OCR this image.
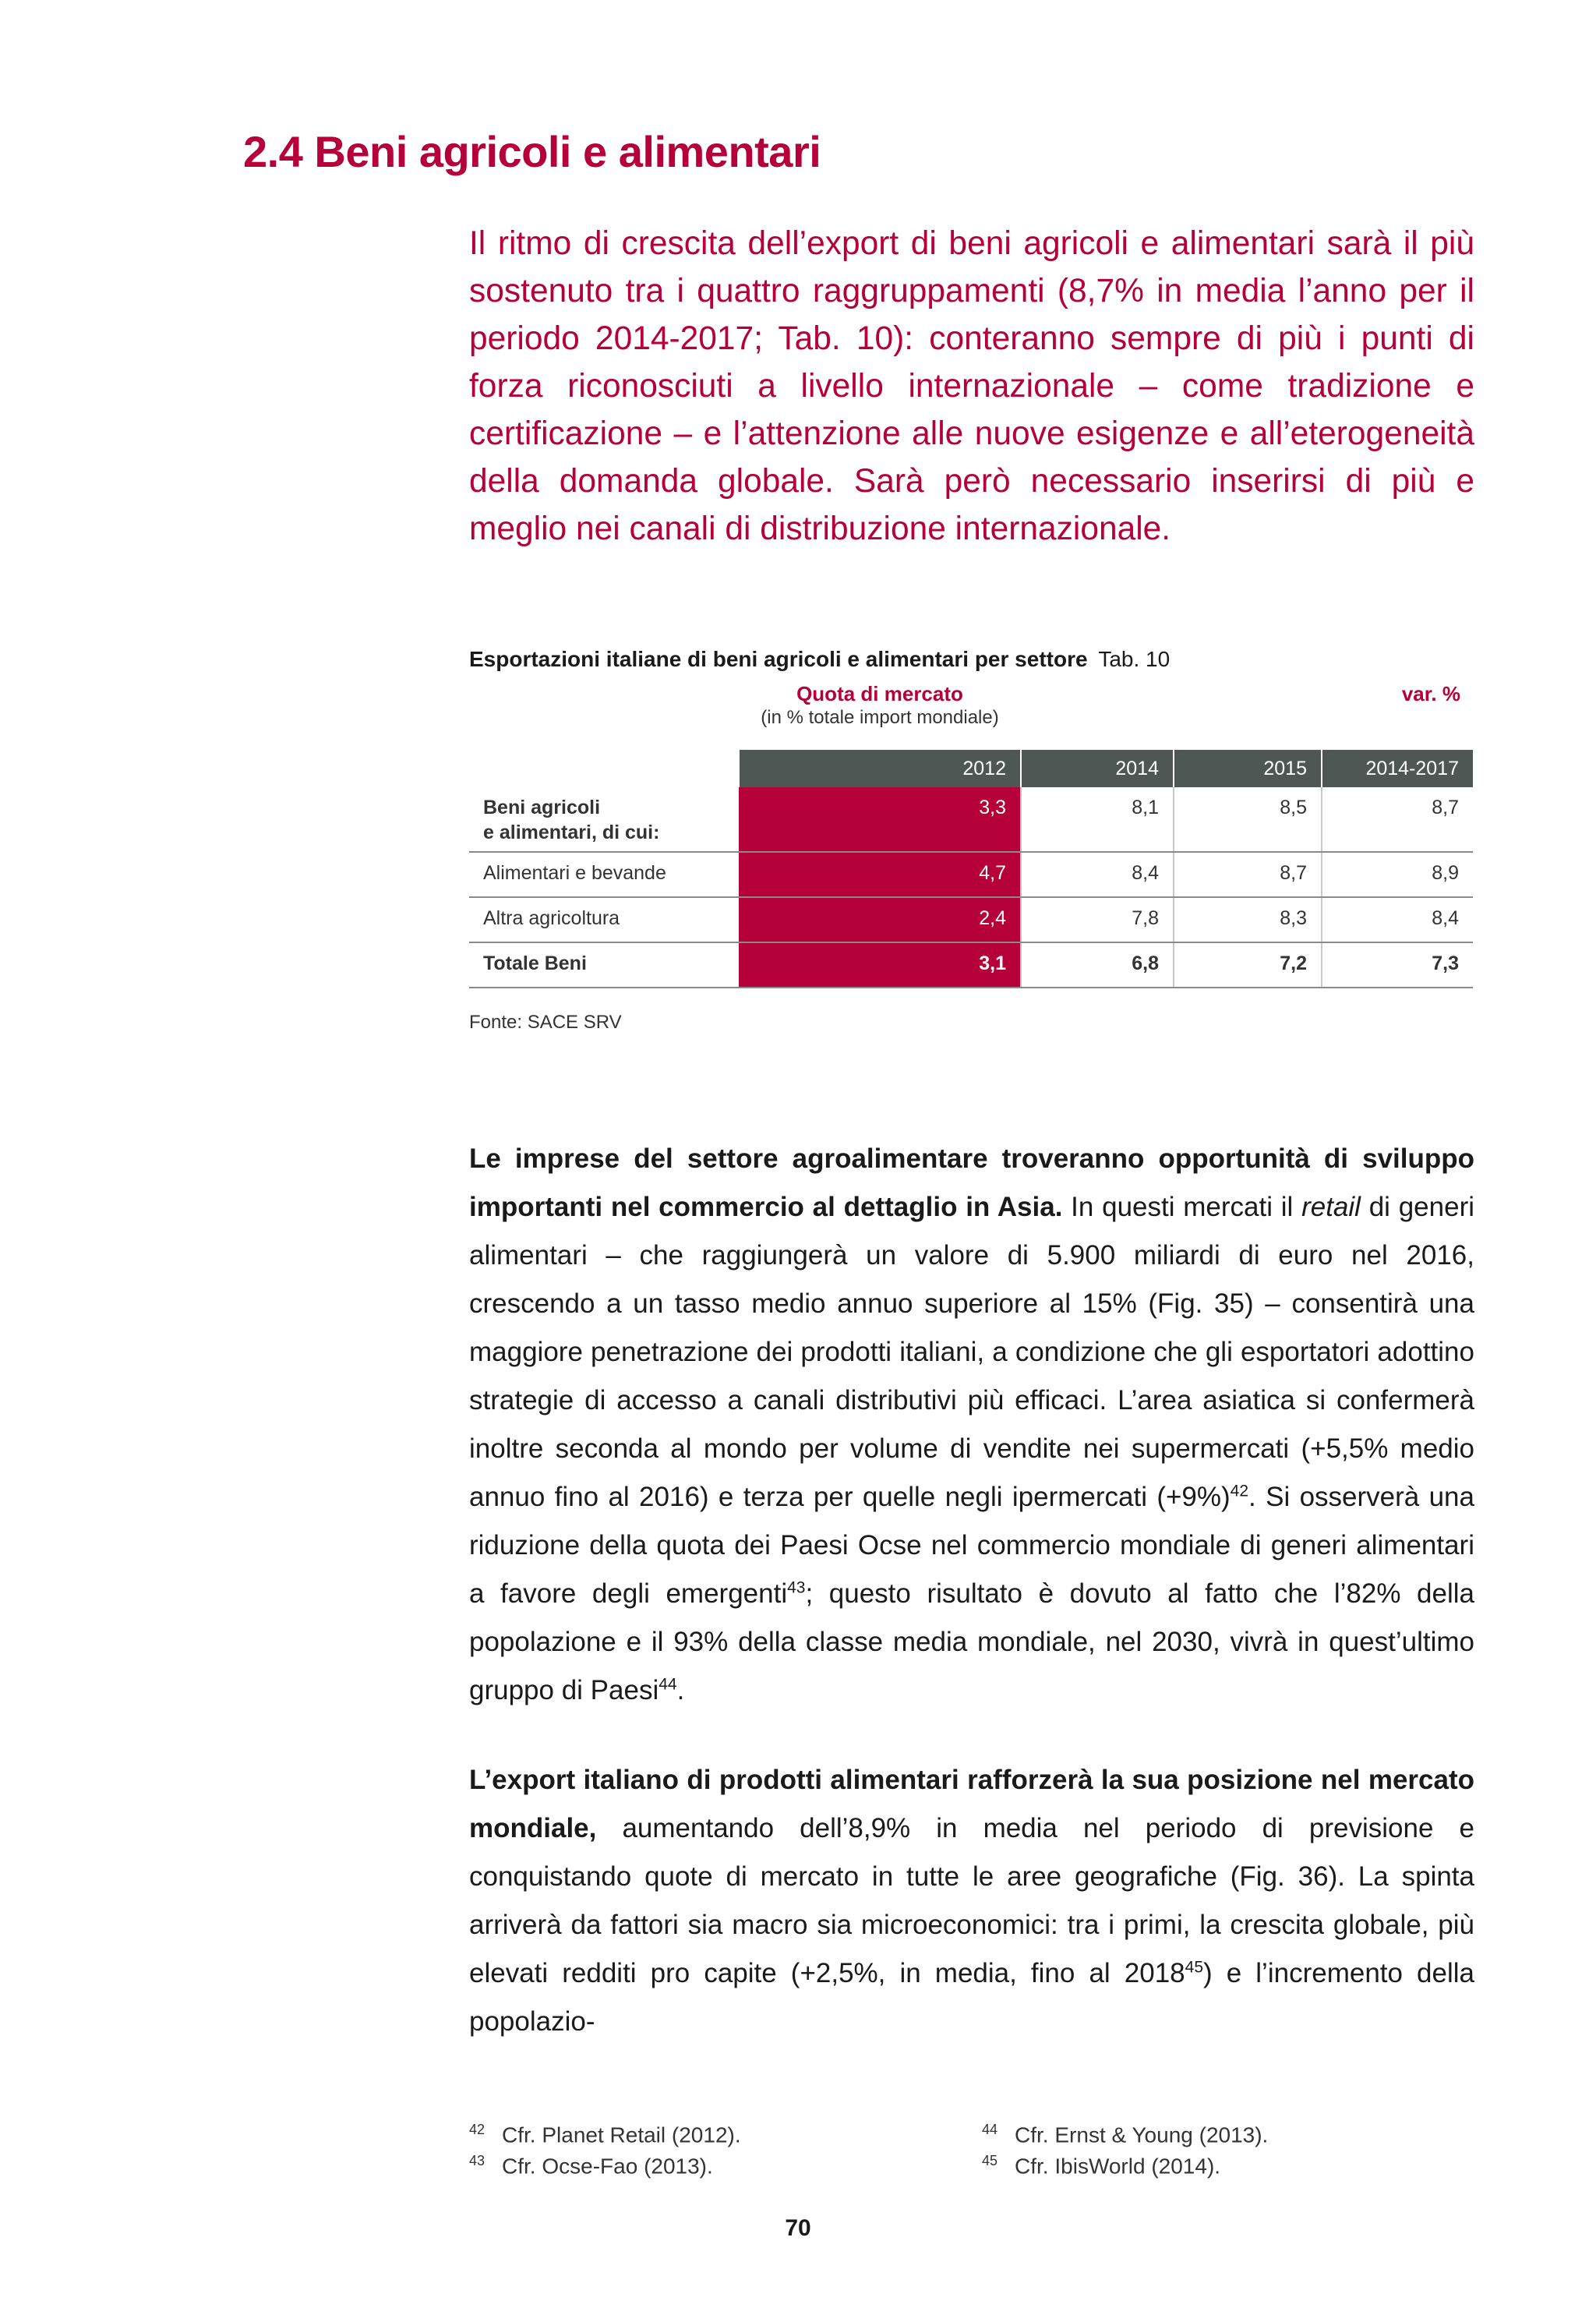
2.4 Beni agricoli e alimentari

Il ritmo di crescita dell’export di beni agricoli e alimentari sarà il più sostenuto tra i quattro raggruppamenti (8,7% in media l’anno per il periodo 2014-2017; Tab. 10): conteranno sempre di più i punti di forza riconosciuti a livello internazionale – come tradizione e certificazione – e l’attenzione alle nuove esigenze e all’eterogeneità della domanda globale. Sarà però necessario inserirsi di più e meglio nei canali di distribuzione internazionale.

Esportazioni italiane di beni agricoli e alimentari per settore Tab. 10
Quota di mercato
(in % totale import mondiale)
var. %
	2012	2014	2015	2014-2017

Beni agricoli
e alimentari, di cui:	3,3	8,1	8,5	8,7
Alimentari e bevande	4,7	8,4	8,7	8,9
Altra agricoltura	2,4	7,8	8,3	8,4
Totale Beni	3,1	6,8	7,2	7,3
Fonte: SACE SRV

Le imprese del settore agroalimentare troveranno opportunità di sviluppo importanti nel commercio al dettaglio in Asia. In questi mercati il retail di generi alimentari – che raggiungerà un valore di 5.900 miliardi di euro nel 2016, crescendo a un tasso medio annuo superiore al 15% (Fig. 35) – consentirà una maggiore penetrazione dei prodotti italiani, a condizione che gli esportatori adottino strategie di accesso a canali distributivi più efficaci. L’area asiatica si confermerà inoltre seconda al mondo per volume di vendite nei supermercati (+5,5% medio annuo fino al 2016) e terza per quelle negli ipermercati $(+9\%)^{42}$. Si osserverà una riduzione della quota dei Paesi Ocse nel commercio mondiale di generi alimentari a favore degli emergenti$^{43}$; questo risultato è dovuto al fatto che l’82% della popolazione e il 93% della classe media mondiale, nel 2030, vivrà in quest’ultimo gruppo di Paesi$^{44}$.

L’export italiano di prodotti alimentari rafforzerà la sua posizione nel mercato mondiale, aumentando dell’8,9% in media nel periodo di previsione e conquistando quote di mercato in tutte le aree geografiche (Fig. 36). La spinta arriverà da fattori sia macro sia microeconomici: tra i primi, la crescita globale, più elevati redditi pro capite (+2,5%, in media, fino al 2018$^{45}$) e l’incremento della popolazio-

$^{42}$ Cfr. Planet Retail (2012).
$^{43}$ Cfr. Ocse-Fao (2013).
$^{44}$ Cfr. Ernst & Young (2013).
$^{45}$ Cfr. IbisWorld (2014).
70
